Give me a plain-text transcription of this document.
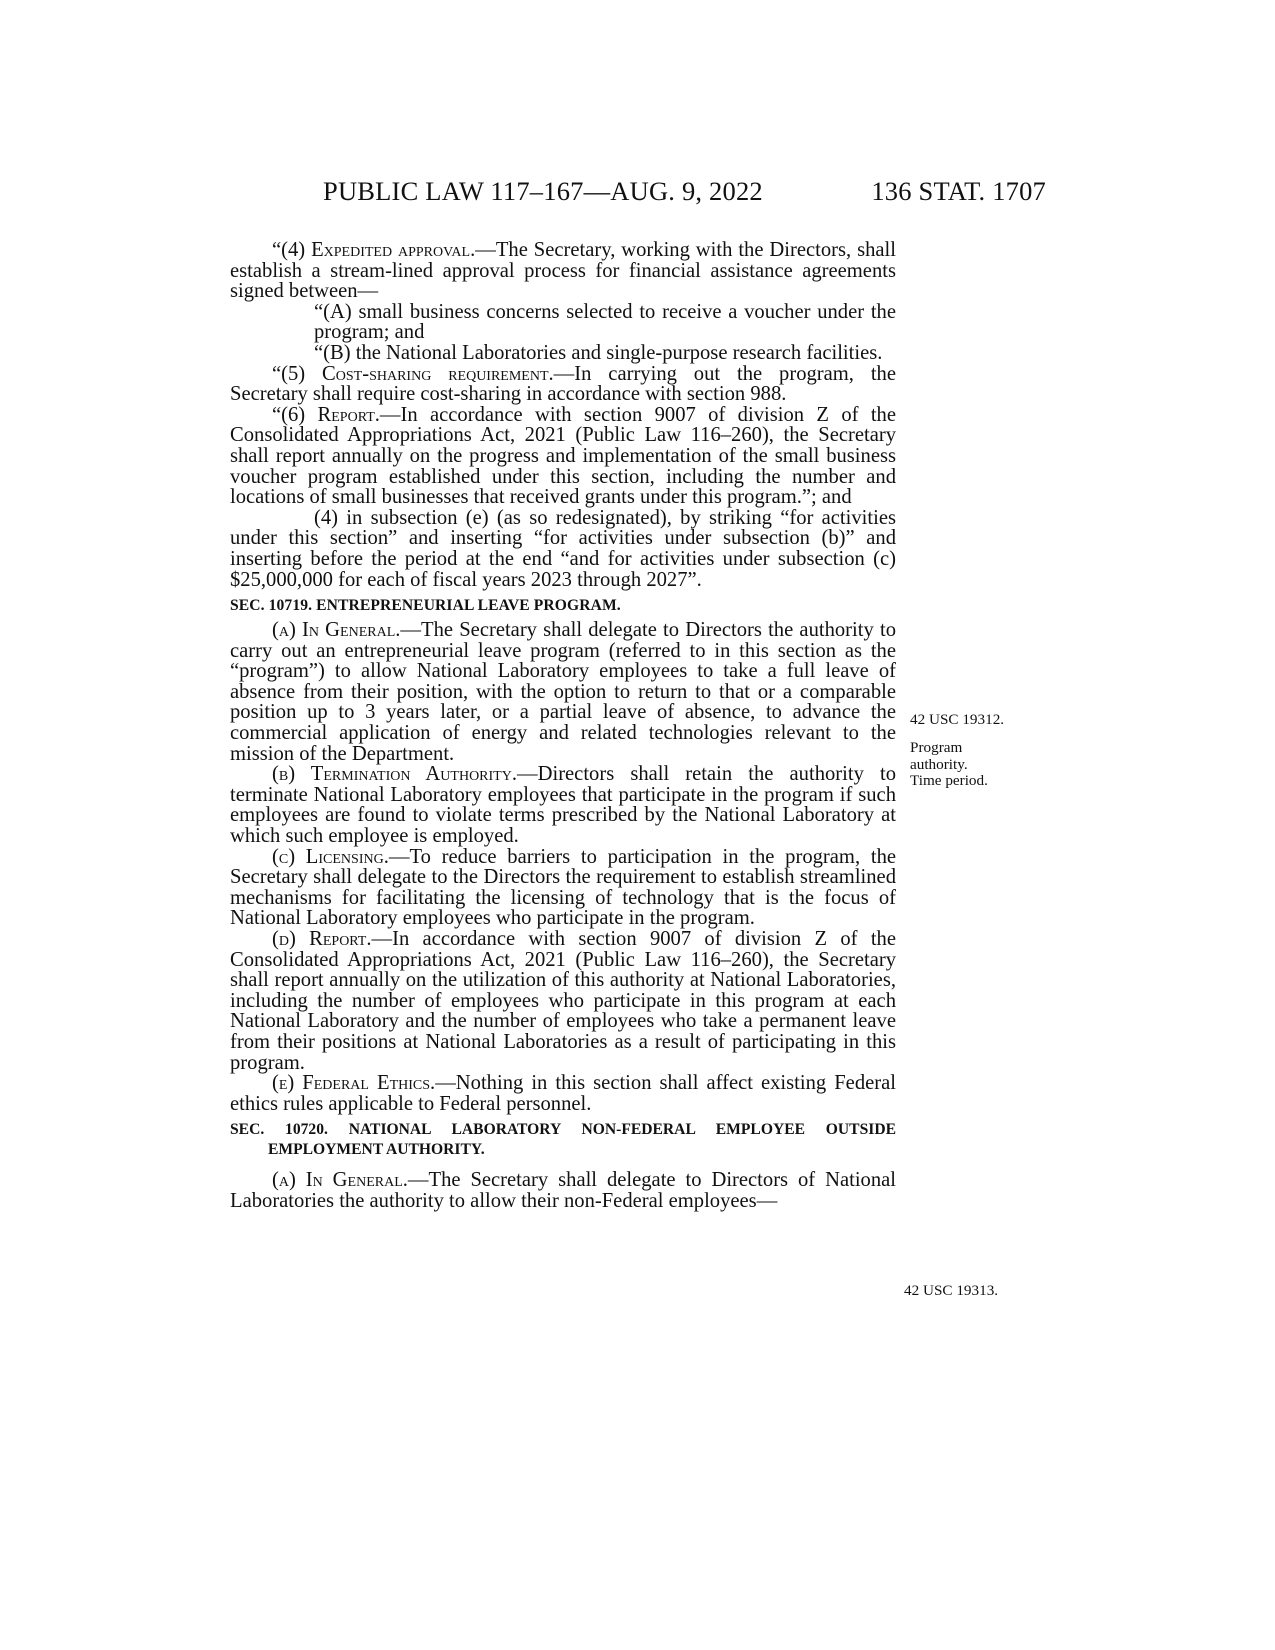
PUBLIC LAW 117–167—AUG. 9, 2022	136 STAT. 1707

“(4) Expedited approval.—The Secretary, working with the Directors, shall establish a stream-lined approval process for financial assistance agreements signed between—

“(A) small business concerns selected to receive a voucher under the program; and

“(B) the National Laboratories and single-purpose research facilities.

“(5) Cost-sharing requirement.—In carrying out the program, the Secretary shall require cost-sharing in accordance with section 988.

“(6) Report.—In accordance with section 9007 of division Z of the Consolidated Appropriations Act, 2021 (Public Law 116–260), the Secretary shall report annually on the progress and implementation of the small business voucher program established under this section, including the number and locations of small businesses that received grants under this program.”; and

(4) in subsection (e) (as so redesignated), by striking “for activities under this section” and inserting “for activities under subsection (b)” and inserting before the period at the end “and for activities under subsection (c) $25,000,000 for each of fiscal years 2023 through 2027”.

SEC. 10719. ENTREPRENEURIAL LEAVE PROGRAM.

(a) In General.—The Secretary shall delegate to Directors the authority to carry out an entrepreneurial leave program (referred to in this section as the “program”) to allow National Laboratory employees to take a full leave of absence from their position, with the option to return to that or a comparable position up to 3 years later, or a partial leave of absence, to advance the commercial application of energy and related technologies relevant to the mission of the Department.

(b) Termination Authority.—Directors shall retain the authority to terminate National Laboratory employees that participate in the program if such employees are found to violate terms prescribed by the National Laboratory at which such employee is employed.

(c) Licensing.—To reduce barriers to participation in the program, the Secretary shall delegate to the Directors the requirement to establish streamlined mechanisms for facilitating the licensing of technology that is the focus of National Laboratory employees who participate in the program.

(d) Report.—In accordance with section 9007 of division Z of the Consolidated Appropriations Act, 2021 (Public Law 116–260), the Secretary shall report annually on the utilization of this authority at National Laboratories, including the number of employees who participate in this program at each National Laboratory and the number of employees who take a permanent leave from their positions at National Laboratories as a result of participating in this program.

(e) Federal Ethics.—Nothing in this section shall affect existing Federal ethics rules applicable to Federal personnel.

SEC. 10720. NATIONAL LABORATORY NON-FEDERAL EMPLOYEE OUTSIDE EMPLOYMENT AUTHORITY.

(a) In General.—The Secretary shall delegate to Directors of National Laboratories the authority to allow their non-Federal employees—

42 USC 19312.
Program authority.
Time period.
42 USC 19313.
